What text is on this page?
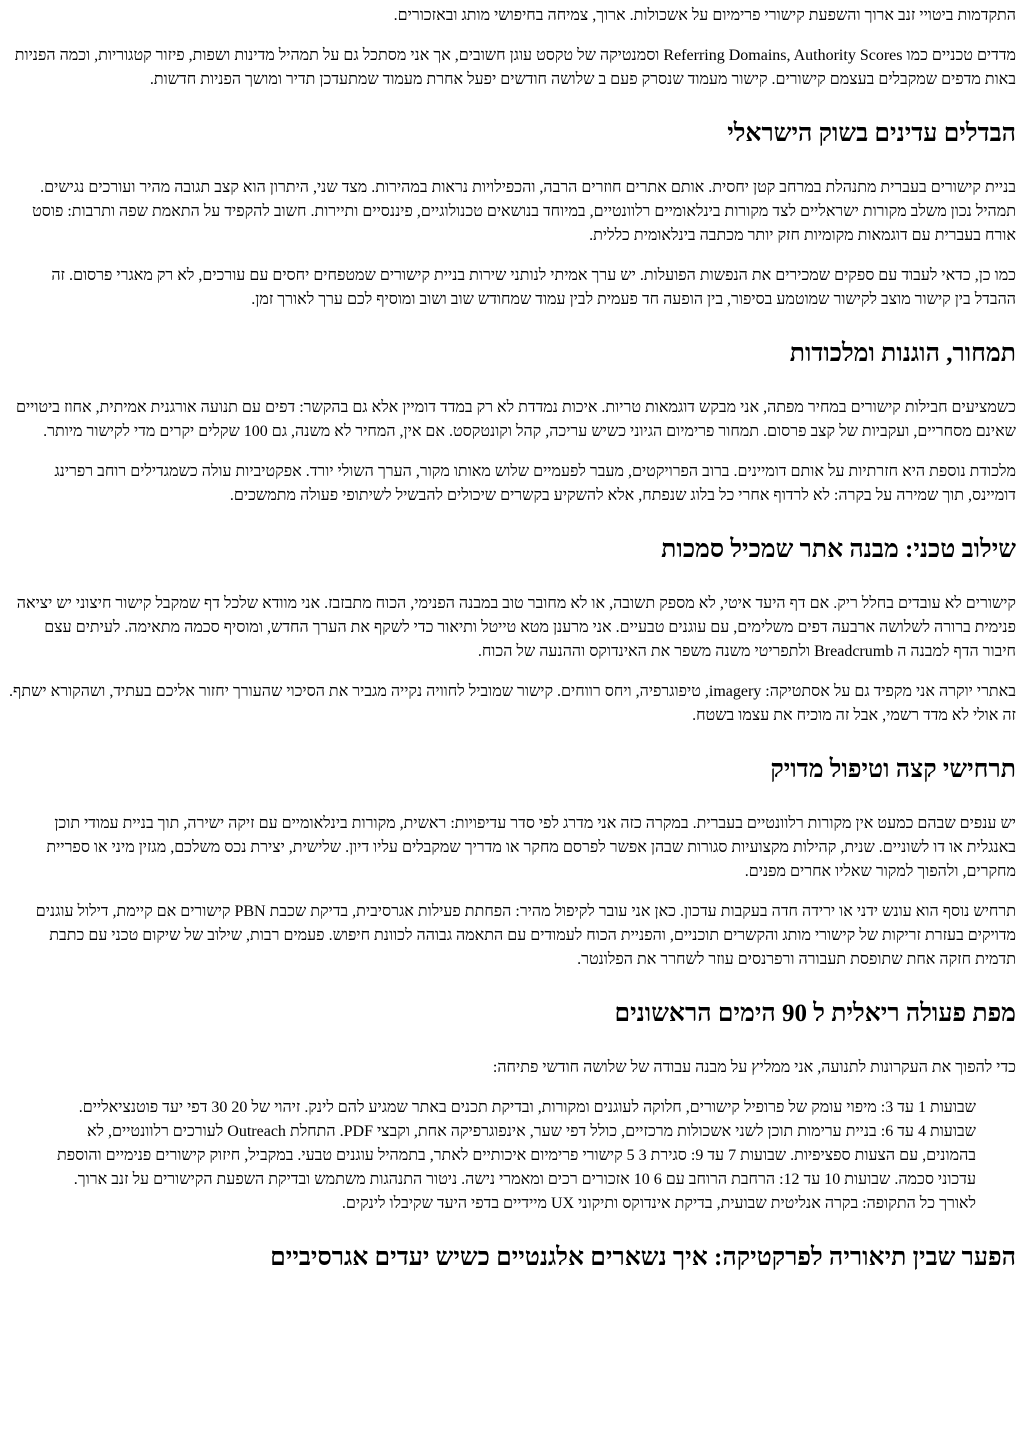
התקדמות ביטויי זנב ארוך והשפעת קישורי פרימיום על אשכולות. ארוך, צמיחה בחיפושי מותג ובאזכורים.

מדדים טכניים כמו Referring Domains, Authority Scores וסמנטיקה של טקסט עוגן חשובים, אך אני מסתכל גם על תמהיל מדינות ושפות, פיזור קטגוריות, וכמה הפניות באות מדפים שמקבלים בעצמם קישורים. קישור מעמוד שנסרק פעם ב שלושה חודשים יפעל אחרת מעמוד שמתעדכן תדיר ומושך הפניות חדשות.

הבדלים עדינים בשוק הישראלי

בניית קישורים בעברית מתנהלת במרחב קטן יחסית. אותם אתרים חוזרים הרבה, והכפילויות נראות במהירות. מצד שני, היתרון הוא קצב תגובה מהיר ועורכים נגישים. תמהיל נכון משלב מקורות ישראליים לצד מקורות בינלאומיים רלוונטיים, במיוחד בנושאים טכנולוגיים, פיננסיים ותיירות. חשוב להקפיד על התאמת שפה ותרבות: פוסט אורח בעברית עם דוגמאות מקומיות חזק יותר מכתבה בינלאומית כללית.

כמו כן, כדאי לעבוד עם ספקים שמכירים את הנפשות הפועלות. יש ערך אמיתי לנותני שירות בניית קישורים שמטפחים יחסים עם עורכים, לא רק מאגרי פרסום. זה ההבדל בין קישור מוצב לקישור שמוטמע בסיפור, בין הופעה חד פעמית לבין עמוד שמחודש שוב ושוב ומוסיף לכם ערך לאורך זמן.

תמחור, הוגנות ומלכודות

כשמציעים חבילות קישורים במחיר מפתה, אני מבקש דוגמאות טריות. איכות נמדדת לא רק במדד דומיין אלא גם בהקשר: דפים עם תנועה אורגנית אמיתית, אחוז ביטויים שאינם מסחריים, ועקביות של קצב פרסום. תמחור פרימיום הגיוני כשיש עריכה, קהל וקונטקסט. אם אין, המחיר לא משנה, גם 100 שקלים יקרים מדי לקישור מיותר.

מלכודת נוספת היא חזרתיות על אותם דומיינים. ברוב הפרויקטים, מעבר לפעמיים שלוש מאותו מקור, הערך השולי יורד. אפקטיביות עולה כשמגדילים רוחב רפרינג דומיינס, תוך שמירה על בקרה: לא לרדוף אחרי כל בלוג שנפתח, אלא להשקיע בקשרים שיכולים להבשיל לשיתופי פעולה מתמשכים.

שילוב טכני: מבנה אתר שמכיל סמכות

קישורים לא עובדים בחלל ריק. אם דף היעד איטי, לא מספק תשובה, או לא מחובר טוב במבנה הפנימי, הכוח מתבזבז. אני מוודא שלכל דף שמקבל קישור חיצוני יש יציאה פנימית ברורה לשלושה ארבעה דפים משלימים, עם עוגנים טבעיים. אני מרענן מטא טייטל ותיאור כדי לשקף את הערך החדש, ומוסיף סכמה מתאימה. לעיתים עצם חיבור הדף למבנה ה Breadcrumb ולתפריטי משנה משפר את האינדוקס וההנעה של הכוח.

באתרי יוקרה אני מקפיד גם על אסתטיקה: imagery, טיפוגרפיה, ויחס רווחים. קישור שמוביל לחוויה נקייה מגביר את הסיכוי שהעורך יחזור אליכם בעתיד, ושהקורא ישתף. זה אולי לא מדד רשמי, אבל זה מוכיח את עצמו בשטח.

תרחישי קצה וטיפול מדויק

יש ענפים שבהם כמעט אין מקורות רלוונטיים בעברית. במקרה כזה אני מדרג לפי סדר עדיפויות: ראשית, מקורות בינלאומיים עם זיקה ישירה, תוך בניית עמודי תוכן באנגלית או דו לשוניים. שנית, קהילות מקצועיות סגורות שבהן אפשר לפרסם מחקר או מדריך שמקבלים עליו דיון. שלישית, יצירת נכס משלכם, מגזין מיני או ספריית מחקרים, ולהפוך למקור שאליו אחרים מפנים.

תרחיש נוסף הוא עונש ידני או ירידה חדה בעקבות עדכון. כאן אני עובר לקיפול מהיר: הפחתת פעילות אגרסיבית, בדיקת שכבת PBN קישורים אם קיימת, דילול עוגנים מדויקים בעזרת זריקות של קישורי מותג והקשרים תוכניים, והפניית הכוח לעמודים עם התאמה גבוהה לכוונת חיפוש. פעמים רבות, שילוב של שיקום טכני עם כתבת תדמית חזקה אחת שתופסת תעבורה ורפרנסים עוזר לשחרר את הפלונטר.

מפת פעולה ריאלית ל 90 הימים הראשונים

כדי להפוך את העקרונות לתנועה, אני ממליץ על מבנה עבודה של שלושה חודשי פתיחה:

שבועות 1 עד 3: מיפוי עומק של פרופיל קישורים, חלוקה לעוגנים ומקורות, ובדיקת תכנים באתר שמגיע להם לינק. זיהוי של 20 30 דפי יעד פוטנציאליים. שבועות 4 עד 6: בניית ערימות תוכן לשני אשכולות מרכזיים, כולל דפי שער, אינפוגרפיקה אחת, וקבצי PDF. התחלת Outreach לעורכים רלוונטיים, לא בהמונים, עם הצעות ספציפיות. שבועות 7 עד 9: סגירת 3 5 קישורי פרימיום איכותיים לאתר, בתמהיל עוגנים טבעי. במקביל, חיזוק קישורים פנימיים והוספת עדכוני סכמה. שבועות 10 עד 12: הרחבת הרוחב עם 6 10 אזכורים רכים ומאמרי נישה. ניטור התנהגות משתמש ובדיקת השפעת הקישורים על זנב ארוך. לאורך כל התקופה: בקרה אנליטית שבועית, בדיקת אינדוקס ותיקוני UX מיידיים בדפי היעד שקיבלו לינקים.
הפער שבין תיאוריה לפרקטיקה: איך נשארים אלגנטיים כשיש יעדים אגרסיביים
